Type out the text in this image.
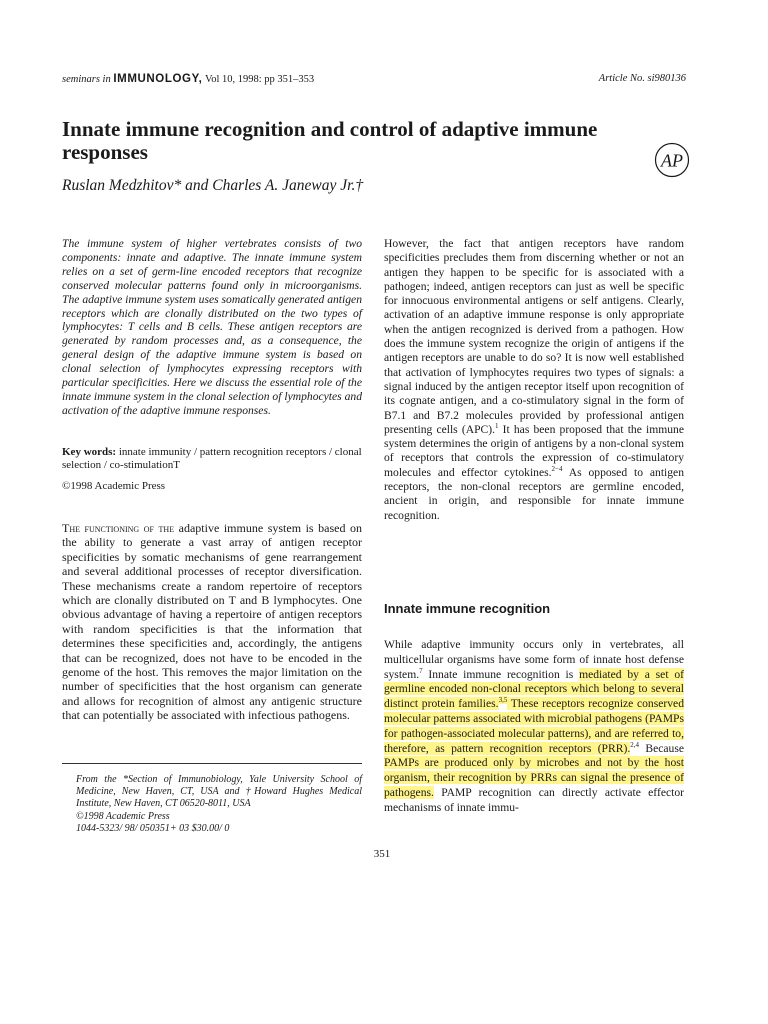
seminars in IMMUNOLOGY, Vol 10, 1998: pp 351–353	Article No. si980136
Innate immune recognition and control of adaptive immune responses	AP
Ruslan Medzhitov* and Charles A. Janeway Jr.†
The immune system of higher vertebrates consists of two components: innate and adaptive. The innate immune system relies on a set of germ-line encoded receptors that recognize conserved molecular patterns found only in microorganisms. The adaptive immune system uses somatically generated antigen receptors which are clonally distributed on the two types of lymphocytes: T cells and B cells. These antigen receptors are generated by random processes and, as a consequence, the general design of the adaptive immune system is based on clonal selection of lymphocytes expressing receptors with particular specificities. Here we discuss the essential role of the innate immune system in the clonal selection of lymphocytes and activation of the adaptive immune responses.
Key words: innate immunity / pattern recognition receptors / clonal selection / co-stimulationT
©1998 Academic Press
The functioning of the adaptive immune system is based on the ability to generate a vast array of antigen receptor specificities by somatic mechanisms of gene rearrangement and several additional processes of receptor diversification. These mechanisms create a random repertoire of receptors which are clonally distributed on T and B lymphocytes. One obvious advantage of having a repertoire of antigen receptors with random specificities is that the information that determines these specificities and, accordingly, the antigens that can be recognized, does not have to be encoded in the genome of the host. This removes the major limitation on the number of specificities that the host organism can generate and allows for recognition of almost any antigenic structure that can potentially be associated with infectious pathogens.
From the *Section of Immunobiology, Yale University School of Medicine, New Haven, CT, USA and †Howard Hughes Medical Institute, New Haven, CT 06520-8011, USA
©1998 Academic Press
1044-5323/ 98/ 050351+ 03 $30.00/ 0
However, the fact that antigen receptors have random specificities precludes them from discerning whether or not an antigen they happen to be specific for is associated with a pathogen; indeed, antigen receptors can just as well be specific for innocuous environmental antigens or self antigens. Clearly, activation of an adaptive immune response is only appropriate when the antigen recognized is derived from a pathogen. How does the immune system recognize the origin of antigens if the antigen receptors are unable to do so? It is now well established that activation of lymphocytes requires two types of signals: a signal induced by the antigen receptor itself upon recognition of its cognate antigen, and a co-stimulatory signal in the form of B7.1 and B7.2 molecules provided by professional antigen presenting cells (APC).$^1$ It has been proposed that the immune system determines the origin of antigens by a non-clonal system of receptors that controls the expression of co-stimulatory molecules and effector cytokines.$^{2-4}$ As opposed to antigen receptors, the non-clonal receptors are germline encoded, ancient in origin, and responsible for innate immune recognition.
Innate immune recognition
While adaptive immunity occurs only in vertebrates, all multicellular organisms have some form of innate host defense system.$^7$ Innate immune recognition is mediated by a set of germline encoded non-clonal receptors which belong to several distinct protein families.$^{3,5}$ These receptors recognize conserved molecular patterns associated with microbial pathogens (PAMPs for pathogen-associated molecular patterns), and are referred to, therefore, as pattern recognition receptors (PRR).$^{2,4}$ Because PAMPs are produced only by microbes and not by the host organism, their recognition by PRRs can signal the presence of pathogens. PAMP recognition can directly activate effector mechanisms of innate immu-
351
